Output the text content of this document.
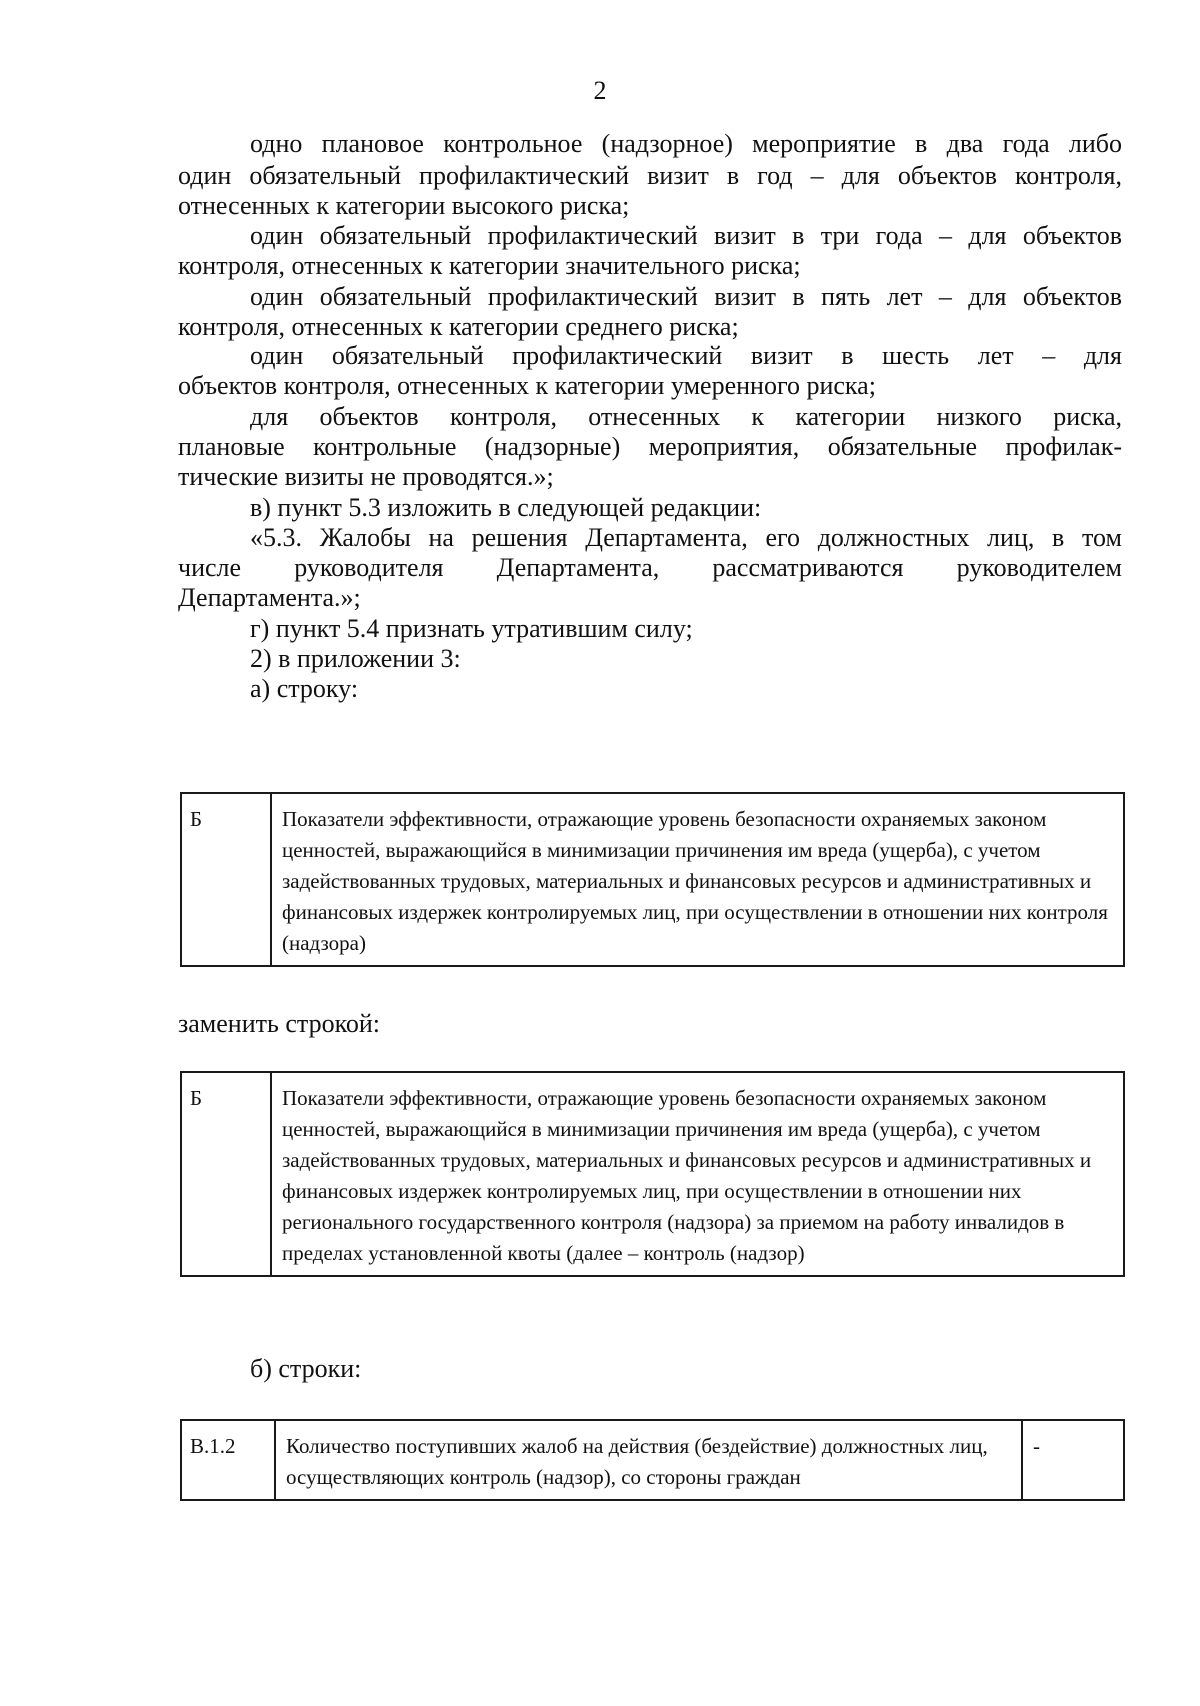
2
одно плановое контрольное (надзорное) мероприятие в два года либо
один обязательный профилактический визит в год – для объектов контроля,
отнесенных к категории высокого риска;
один обязательный профилактический визит в три года – для объектов
контроля, отнесенных к категории значительного риска;
один обязательный профилактический визит в пять лет – для объектов
контроля, отнесенных к категории среднего риска;
один обязательный профилактический визит в шесть лет – для
объектов контроля, отнесенных к категории умеренного риска;
для объектов контроля, отнесенных к категории низкого риска,
плановые контрольные (надзорные) мероприятия, обязательные профилак-
тические визиты не проводятся.»;
в) пункт 5.3 изложить в следующей редакции:
«5.3. Жалобы на решения Департамента, его должностных лиц, в том
числе руководителя Департамента, рассматриваются руководителем
Департамента.»;
г) пункт 5.4 признать утратившим силу;
2) в приложении 3:
а) строку:
Б	Показатели эффективности, отражающие уровень безопасности охраняемых законом ценностей, выражающийся в минимизации причинения им вреда (ущерба), с учетом задействованных трудовых, материальных и финансовых ресурсов и административных и финансовых издержек контролируемых лиц, при осуществлении в отношении них контроля (надзора)
заменить строкой:
Б	Показатели эффективности, отражающие уровень безопасности охраняемых законом ценностей, выражающийся в минимизации причинения им вреда (ущерба), с учетом задействованных трудовых, материальных и финансовых ресурсов и административных и финансовых издержек контролируемых лиц, при осуществлении в отношении них регионального государственного контроля (надзора) за приемом на работу инвалидов в пределах установленной квоты (далее – контроль (надзор)
б) строки:
В.1.2	Количество поступивших жалоб на действия (бездействие) должностных лиц, осуществляющих контроль (надзор), со стороны граждан	-
